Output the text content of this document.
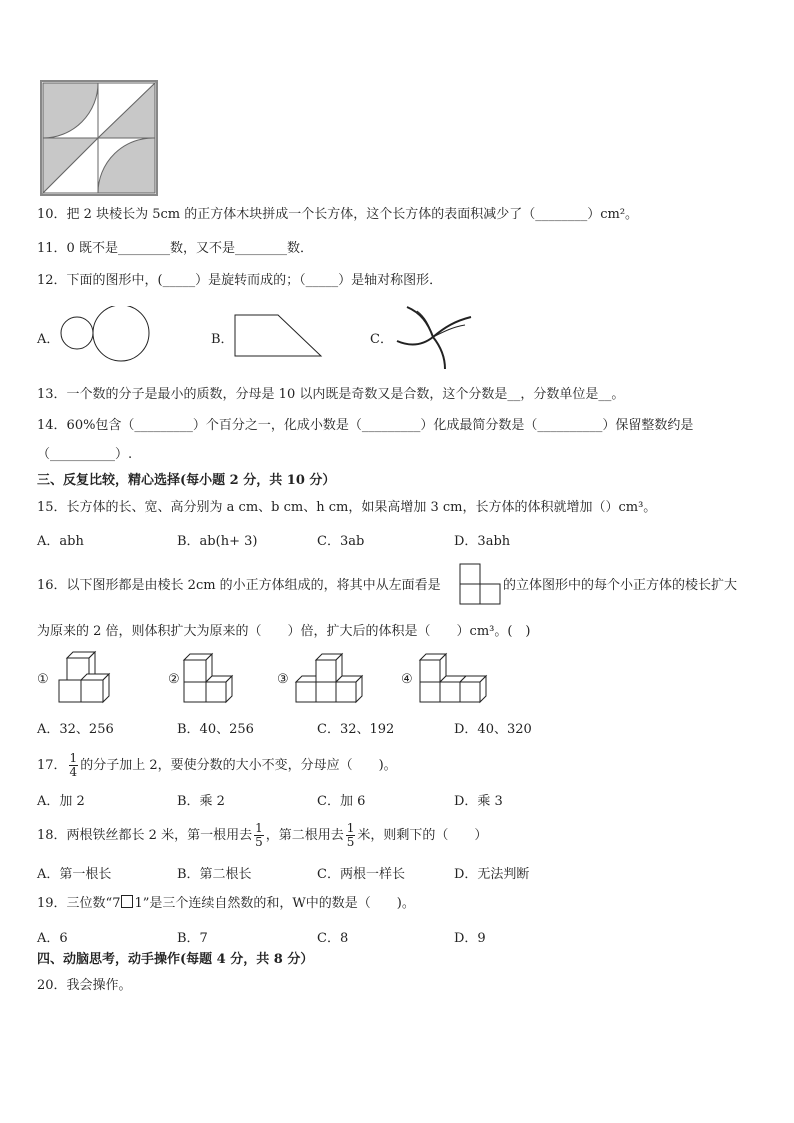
10．把 2 块棱长为 5cm 的正方体木块拼成一个长方体，这个长方体的表面积减少了（________）cm²。
11．0 既不是________数，又不是________数．
12．下面的图形中，(_____）是旋转而成的；（_____）是轴对称图形．
A．	B．	C．
13．一个数的分子是最小的质数，分母是 10 以内既是奇数又是合数，这个分数是__，分数单位是__。
14．60%包含（_________）个百分之一，化成小数是（_________）化成最简分数是（__________）保留整数约是
（__________）.
三、反复比较，精心选择(每小题 2 分，共 10 分）
15．长方体的长、宽、高分别为 a cm、b cm、h cm，如果高增加 3 cm，长方体的体积就增加（）cm³。
A．abh	B．ab(h+ 3)	C．3ab	D．3abh
16．以下图形都是由棱长 2cm 的小正方体组成的，将其中从左面看是	的立体图形中的每个小正方体的棱长扩大
为原来的 2 倍，则体积扩大为原来的（　　）倍，扩大后的体积是（　　）cm³。(　)
①	②	③	④
A．32、256	B．40、256	C．32、192	D．40、320
17． $\frac{1}{4}$ 的分子加上 2，要使分数的大小不变，分母应（　　)。
A．加 2	B．乘 2	C．加 6	D．乘 3
18．两根铁丝都长 2 米，第一根用去 $\frac{1}{5}$ ，第二根用去 $\frac{1}{5}$ 米，则剩下的（　　）
A．第一根长	B．第二根长	C．两根一样长	D．无法判断
19．三位数“7 1”是三个连续自然数的和，W中的数是（　　)。
A．6	B．7	C．8	D．9
四、动脑思考，动手操作(每题 4 分，共 8 分）
20．我会操作。
